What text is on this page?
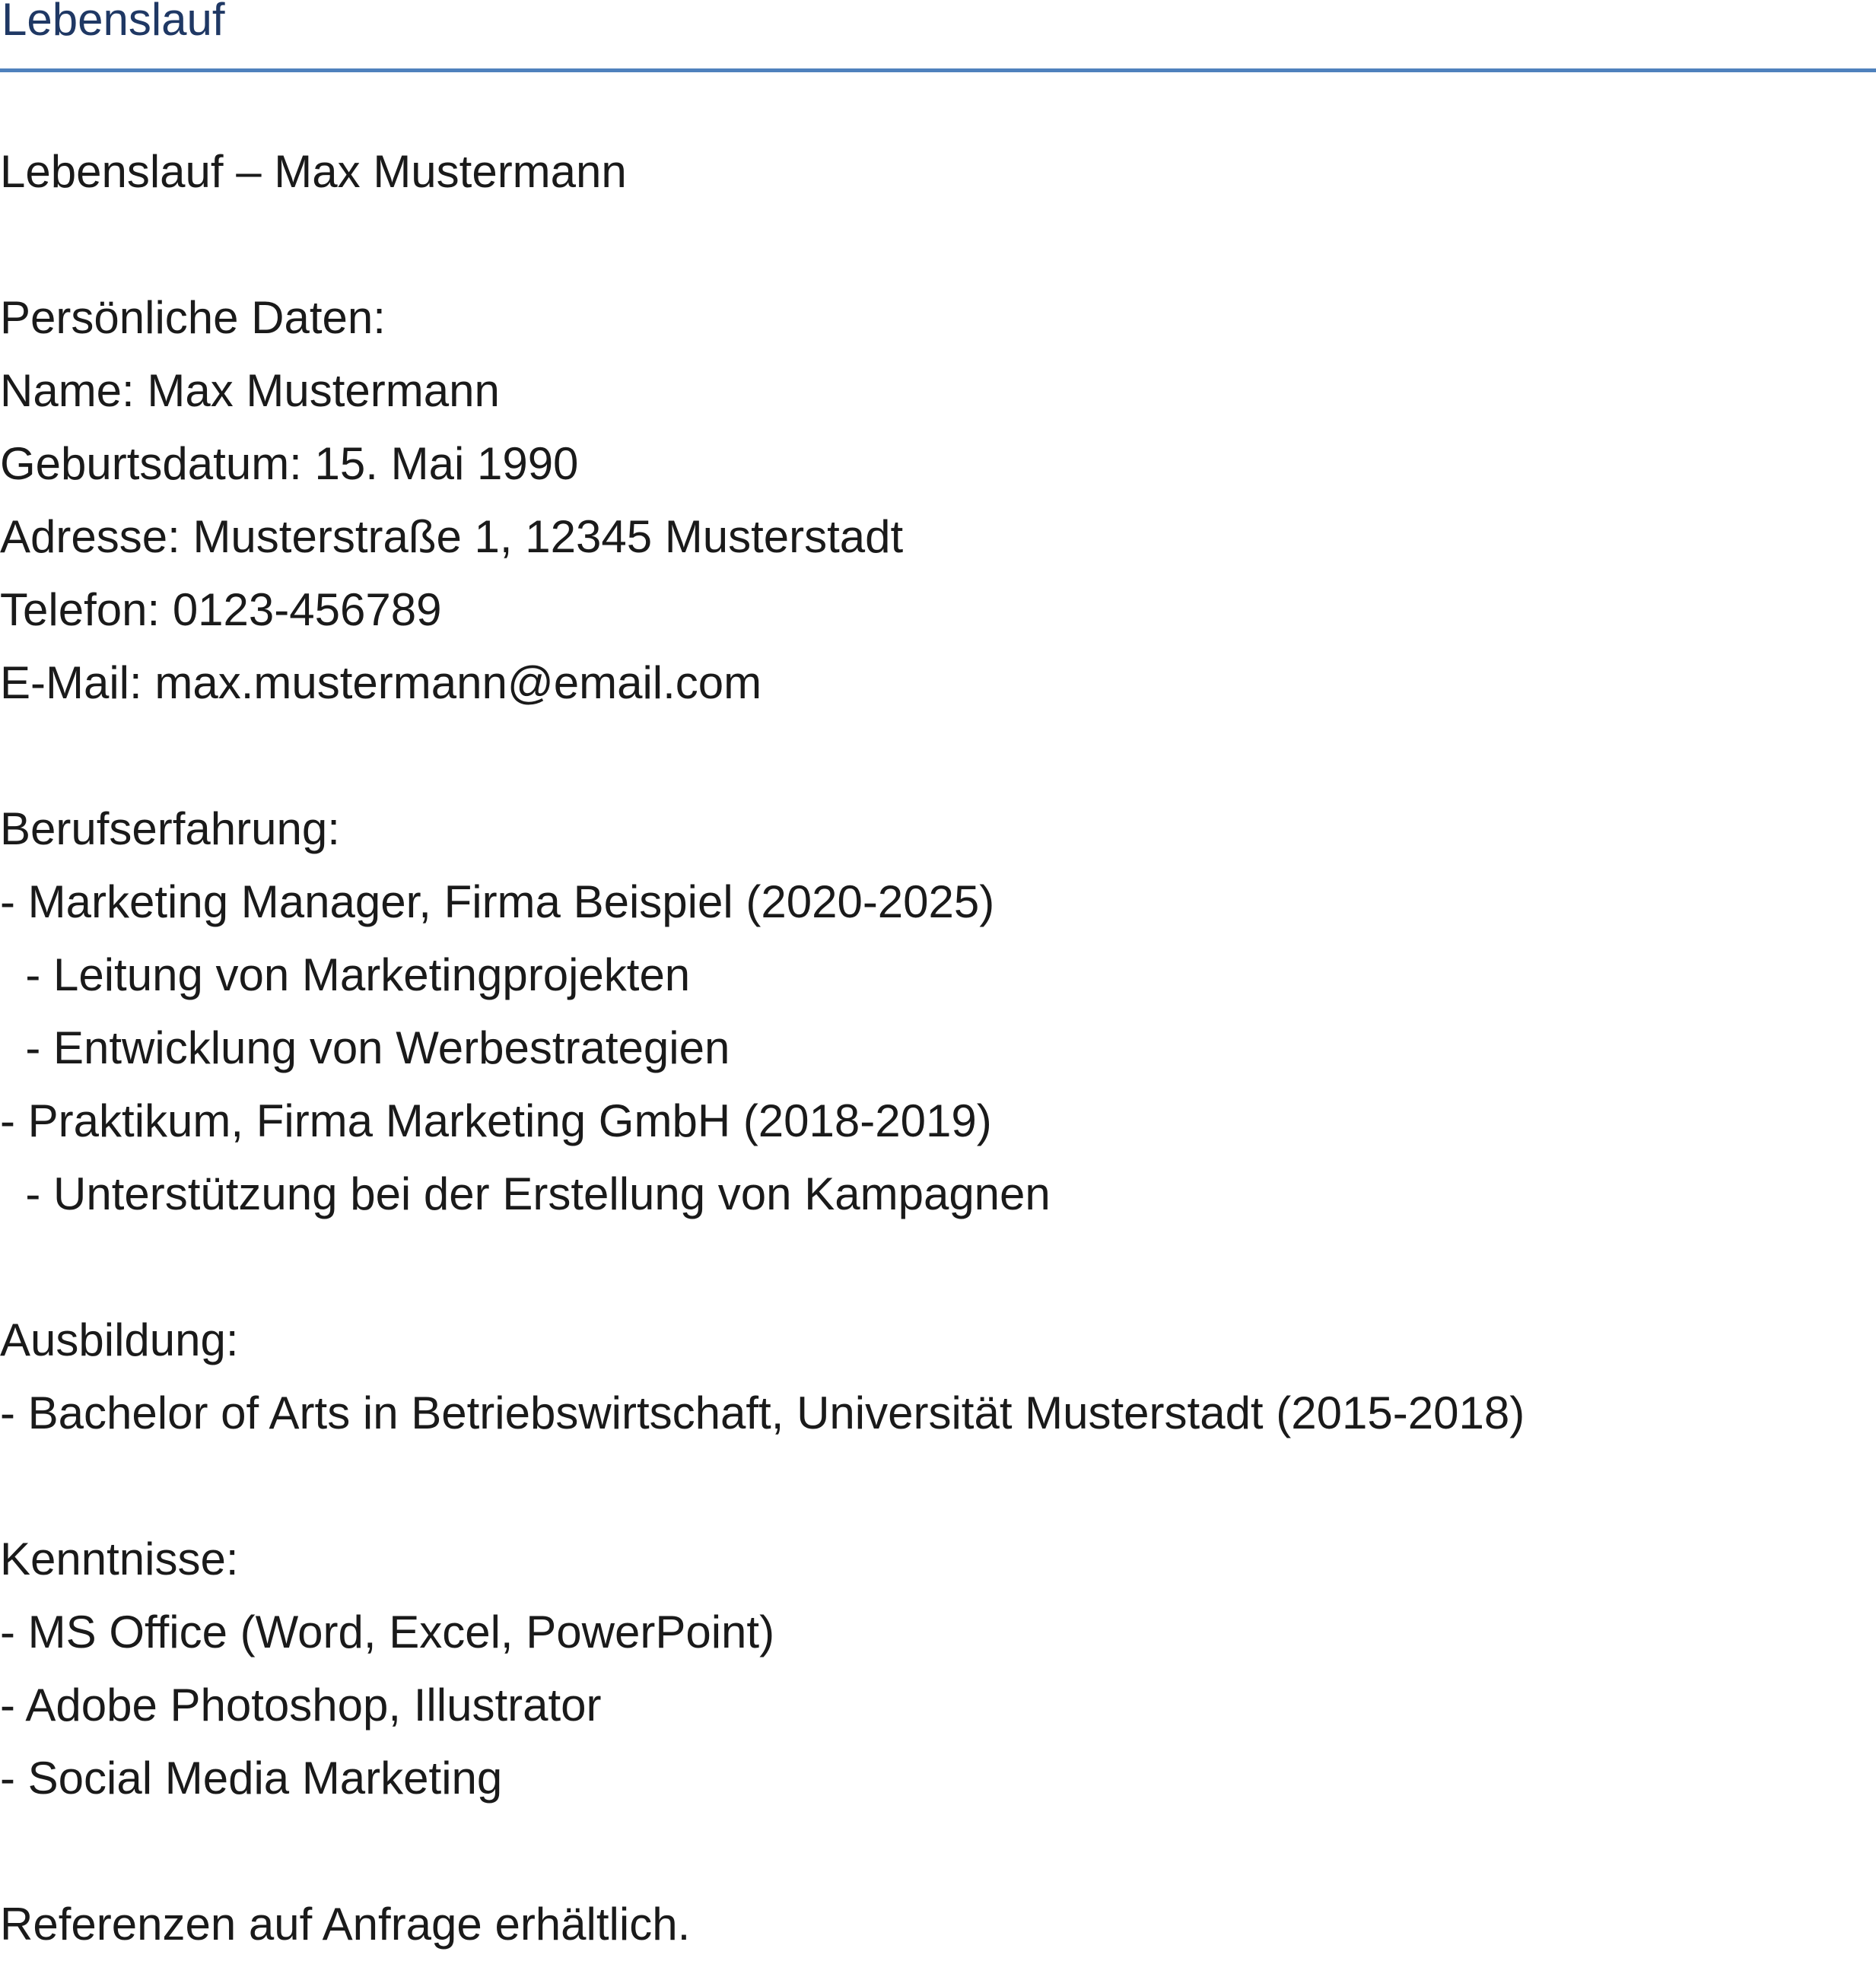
Lebenslauf
Lebenslauf – Max Mustermann
Persönliche Daten:
Name: Max Mustermann
Geburtsdatum: 15. Mai 1990
Adresse: Musterstraße 1, 12345 Musterstadt
Telefon: 0123-456789
E-Mail: max.mustermann@email.com
Berufserfahrung:
- Marketing Manager, Firma Beispiel (2020-2025)
- Leitung von Marketingprojekten
- Entwicklung von Werbestrategien
- Praktikum, Firma Marketing GmbH (2018-2019)
- Unterstützung bei der Erstellung von Kampagnen
Ausbildung:
- Bachelor of Arts in Betriebswirtschaft, Universität Musterstadt (2015-2018)
Kenntnisse:
- MS Office (Word, Excel, PowerPoint)
- Adobe Photoshop, Illustrator
- Social Media Marketing
Referenzen auf Anfrage erhältlich.
